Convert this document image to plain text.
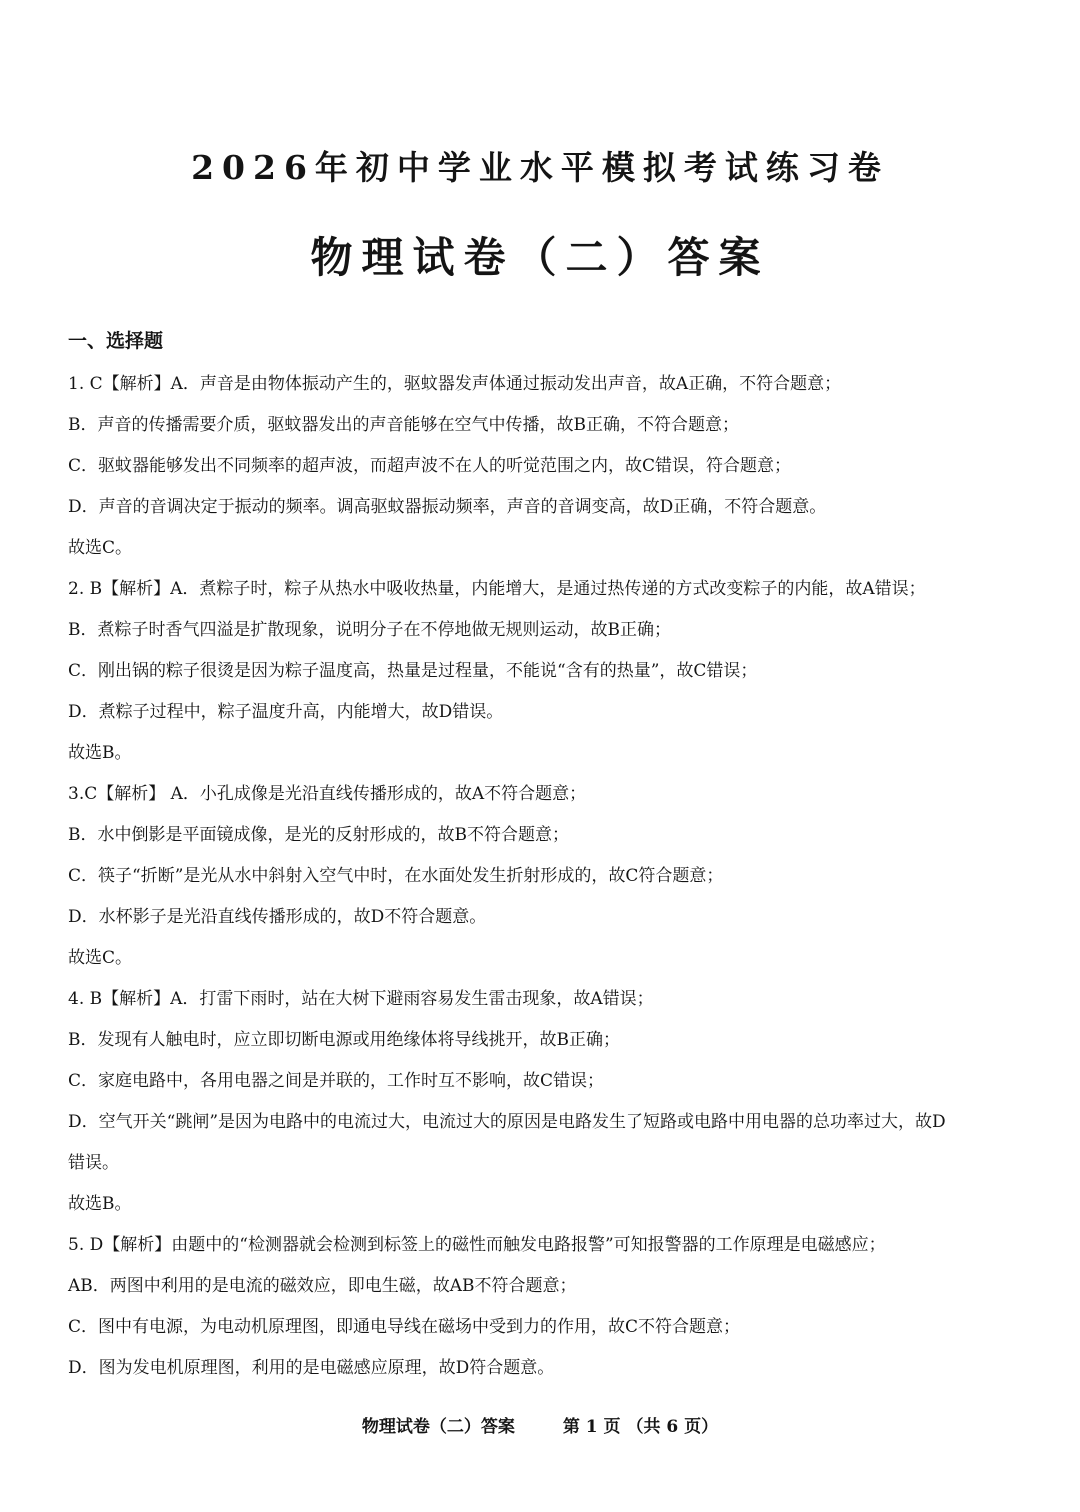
2026年初中学业水平模拟考试练习卷
物理试卷（二）答案
一、选择题

1. C【解析】A．声音是由物体振动产生的，驱蚊器发声体通过振动发出声音，故A正确，不符合题意；

B．声音的传播需要介质，驱蚊器发出的声音能够在空气中传播，故B正确，不符合题意；

C．驱蚊器能够发出不同频率的超声波，而超声波不在人的听觉范围之内，故C错误，符合题意；

D．声音的音调决定于振动的频率。调高驱蚊器振动频率，声音的音调变高，故D正确，不符合题意。

故选C。

2. B【解析】A．煮粽子时，粽子从热水中吸收热量，内能增大，是通过热传递的方式改变粽子的内能，故A错误；

B．煮粽子时香气四溢是扩散现象，说明分子在不停地做无规则运动，故B正确；

C．刚出锅的粽子很烫是因为粽子温度高，热量是过程量，不能说“含有的热量”，故C错误；

D．煮粽子过程中，粽子温度升高，内能增大，故D错误。

故选B。

3.C【解析】 A．小孔成像是光沿直线传播形成的，故A不符合题意；

B．水中倒影是平面镜成像，是光的反射形成的，故B不符合题意；

C．筷子“折断”是光从水中斜射入空气中时，在水面处发生折射形成的，故C符合题意；

D．水杯影子是光沿直线传播形成的，故D不符合题意。

故选C。

4. B【解析】A．打雷下雨时，站在大树下避雨容易发生雷击现象，故A错误；

B．发现有人触电时，应立即切断电源或用绝缘体将导线挑开，故B正确；

C．家庭电路中，各用电器之间是并联的，工作时互不影响，故C错误；

D．空气开关“跳闸”是因为电路中的电流过大，电流过大的原因是电路发生了短路或电路中用电器的总功率过大，故D

错误。

故选B。

5. D【解析】由题中的“检测器就会检测到标签上的磁性而触发电路报警”可知报警器的工作原理是电磁感应；

AB．两图中利用的是电流的磁效应，即电生磁，故AB不符合题意；

C．图中有电源，为电动机原理图，即通电导线在磁场中受到力的作用，故C不符合题意；

D．图为发电机原理图，利用的是电磁感应原理，故D符合题意。

物理试卷（二）答案	第 1 页 （共 6 页）
